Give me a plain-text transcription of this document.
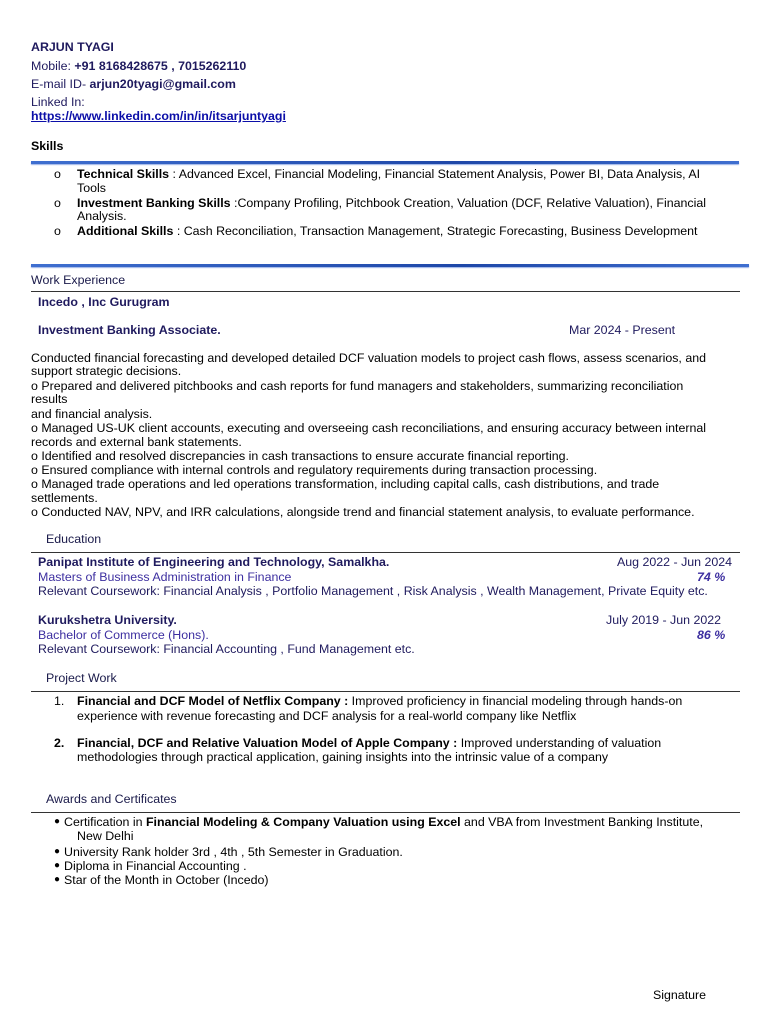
ARJUN TYAGI
Mobile: +91 8168428675 , 7015262110
E-mail ID- arjun20tyagi@gmail.com
Linked In:
https://www.linkedin.com/in/in/itsarjuntyagi
Skills
o Technical Skills : Advanced Excel, Financial Modeling, Financial Statement Analysis, Power BI, Data Analysis, AI
Tools
o Investment Banking Skills :Company Profiling, Pitchbook Creation, Valuation (DCF, Relative Valuation), Financial
Analysis.
o Additional Skills : Cash Reconciliation, Transaction Management, Strategic Forecasting, Business Development
Work Experience
Incedo , Inc Gurugram
Investment Banking Associate.	Mar 2024 - Present
Conducted financial forecasting and developed detailed DCF valuation models to project cash flows, assess scenarios, and
support strategic decisions.
o Prepared and delivered pitchbooks and cash reports for fund managers and stakeholders, summarizing reconciliation
results
and financial analysis.
o Managed US-UK client accounts, executing and overseeing cash reconciliations, and ensuring accuracy between internal
records and external bank statements.
o Identified and resolved discrepancies in cash transactions to ensure accurate financial reporting.
o Ensured compliance with internal controls and regulatory requirements during transaction processing.
o Managed trade operations and led operations transformation, including capital calls, cash distributions, and trade
settlements.
o Conducted NAV, NPV, and IRR calculations, alongside trend and financial statement analysis, to evaluate performance.
Education
Panipat Institute of Engineering and Technology, Samalkha.	Aug 2022 - Jun 2024
Masters of Business Administration in Finance	74 %
Relevant Coursework: Financial Analysis , Portfolio Management , Risk Analysis , Wealth Management, Private Equity etc.
Kurukshetra University.	July 2019 - Jun 2022
Bachelor of Commerce (Hons).	86 %
Relevant Coursework: Financial Accounting , Fund Management etc.
Project Work
1. Financial and DCF Model of Netflix Company : Improved proficiency in financial modeling through hands-on
experience with revenue forecasting and DCF analysis for a real-world company like Netflix
2. Financial, DCF and Relative Valuation Model of Apple Company : Improved understanding of valuation
methodologies through practical application, gaining insights into the intrinsic value of a company
Awards and Certificates
● Certification in Financial Modeling & Company Valuation using Excel and VBA from Investment Banking Institute,
New Delhi
● University Rank holder 3rd , 4th , 5th Semester in Graduation.
● Diploma in Financial Accounting .
● Star of the Month in October (Incedo)
Signature
